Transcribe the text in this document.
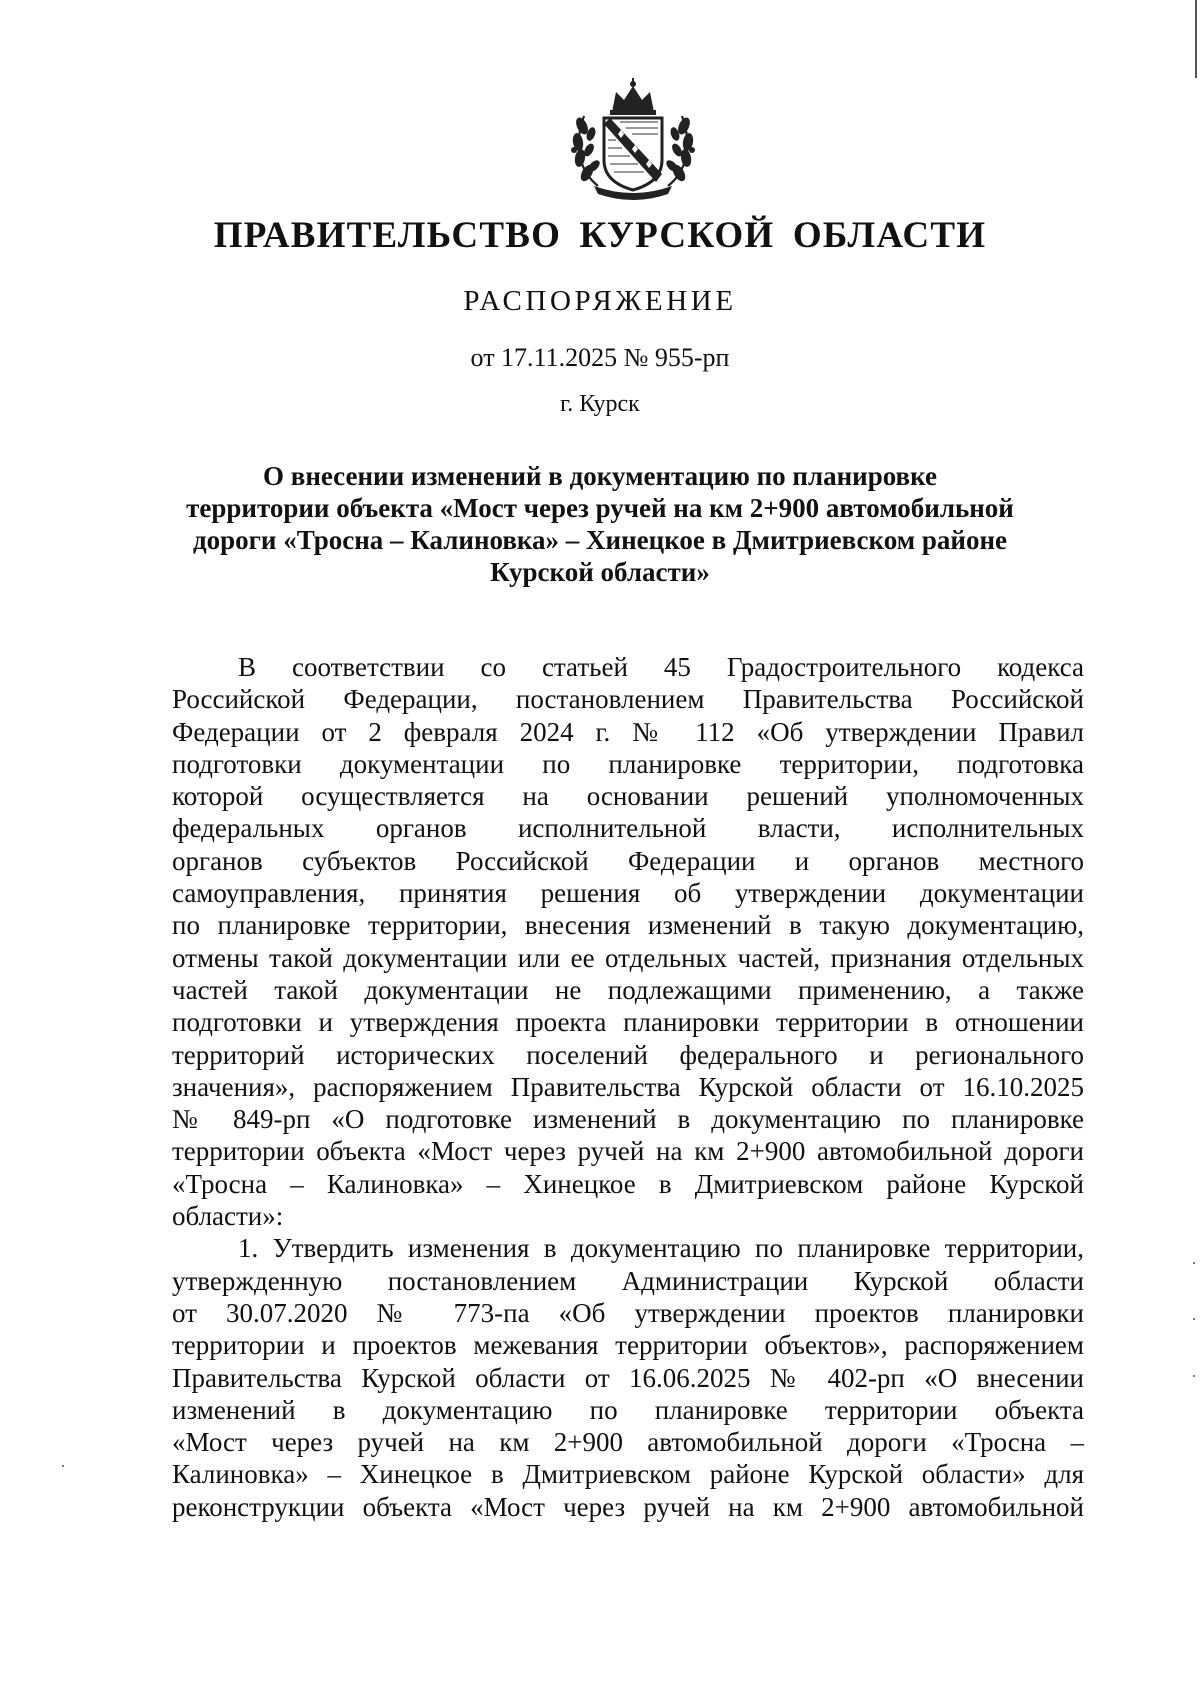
ПРАВИТЕЛЬСТВО КУРСКОЙ ОБЛАСТИ
РАСПОРЯЖЕНИЕ
от 17.11.2025 № 955-рп
г. Курск
О внесении изменений в документацию по планировке
территории объекта «Мост через ручей на км 2+900 автомобильной
дороги «Тросна – Калиновка» – Хинецкое в Дмитриевском районе
Курской области»
В соответствии со статьей 45 Градостроительного кодекса
Российской Федерации, постановлением Правительства Российской
Федерации от 2 февраля 2024 г. № 112 «Об утверждении Правил
подготовки документации по планировке территории, подготовка
которой осуществляется на основании решений уполномоченных
федеральных органов исполнительной власти, исполнительных
органов субъектов Российской Федерации и органов местного
самоуправления, принятия решения об утверждении документации
по планировке территории, внесения изменений в такую документацию,
отмены такой документации или ее отдельных частей, признания отдельных
частей такой документации не подлежащими применению, а также
подготовки и утверждения проекта планировки территории в отношении
территорий исторических поселений федерального и регионального
значения», распоряжением Правительства Курской области от 16.10.2025
№ 849-рп «О подготовке изменений в документацию по планировке
территории объекта «Мост через ручей на км 2+900 автомобильной дороги
«Тросна – Калиновка» – Хинецкое в Дмитриевском районе Курской
области»:
1. Утвердить изменения в документацию по планировке территории,
утвержденную постановлением Администрации Курской области
от 30.07.2020 № 773-па «Об утверждении проектов планировки
территории и проектов межевания территории объектов», распоряжением
Правительства Курской области от 16.06.2025 № 402-рп «О внесении
изменений в документацию по планировке территории объекта
«Мост через ручей на км 2+900 автомобильной дороги «Тросна –
Калиновка» – Хинецкое в Дмитриевском районе Курской области» для
реконструкции объекта «Мост через ручей на км 2+900 автомобильной
